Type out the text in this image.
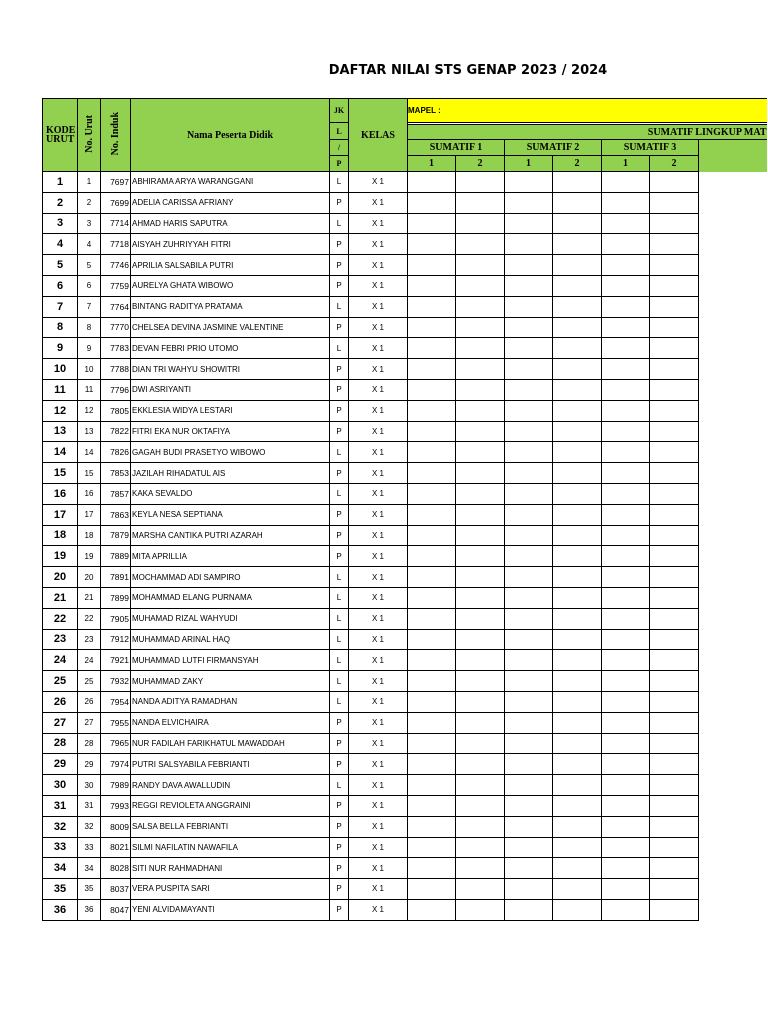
DAFTAR NILAI STS GENAP 2023 / 2024
KODE URUT	No. Urut	No. Induk	Nama Peserta Didik	JK	KELAS	MAPEL :						
				L								
						SUMATIF LINGKUP MAT						
				/		SUMATIF 1		SUMATIF 2		SUMATIF 3		
				P		1	2	1	2	1	2	
1	1	7697	ABHIRAMA ARYA WARANGGANI	L	X 1							
2	2	7699	ADELIA CARISSA AFRIANY	P	X 1							
3	3	7714	AHMAD HARIS SAPUTRA	L	X 1							
4	4	7718	AISYAH ZUHRIYYAH FITRI	P	X 1							
5	5	7746	APRILIA SALSABILA PUTRI	P	X 1							
6	6	7759	AURELYA GHATA WIBOWO	P	X 1							
7	7	7764	BINTANG RADITYA PRATAMA	L	X 1							
8	8	7770	CHELSEA DEVINA JASMINE VALENTINE	P	X 1							
9	9	7783	DEVAN FEBRI PRIO UTOMO	L	X 1							
10	10	7788	DIAN TRI WAHYU SHOWITRI	P	X 1							
11	11	7796	DWI ASRIYANTI	P	X 1							
12	12	7805	EKKLESIA WIDYA LESTARI	P	X 1							
13	13	7822	FITRI EKA NUR OKTAFIYA	P	X 1							
14	14	7826	GAGAH BUDI PRASETYO WIBOWO	L	X 1							
15	15	7853	JAZILAH RIHADATUL AIS	P	X 1							
16	16	7857	KAKA SEVALDO	L	X 1							
17	17	7863	KEYLA NESA SEPTIANA	P	X 1							
18	18	7879	MARSHA CANTIKA PUTRI AZARAH	P	X 1							
19	19	7889	MITA APRILLIA	P	X 1							
20	20	7891	MOCHAMMAD ADI SAMPIRO	L	X 1							
21	21	7899	MOHAMMAD ELANG PURNAMA	L	X 1							
22	22	7905	MUHAMAD RIZAL WAHYUDI	L	X 1							
23	23	7912	MUHAMMAD ARINAL HAQ	L	X 1							
24	24	7921	MUHAMMAD LUTFI FIRMANSYAH	L	X 1							
25	25	7932	MUHAMMAD ZAKY	L	X 1							
26	26	7954	NANDA ADITYA RAMADHAN	L	X 1							
27	27	7955	NANDA ELVICHAIRA	P	X 1							
28	28	7965	NUR FADILAH FARIKHATUL MAWADDAH	P	X 1							
29	29	7974	PUTRI SALSYABILA FEBRIANTI	P	X 1							
30	30	7989	RANDY DAVA AWALLUDIN	L	X 1							
31	31	7993	REGGI REVIOLETA ANGGRAINI	P	X 1							
32	32	8009	SALSA BELLA FEBRIANTI	P	X 1							
33	33	8021	SILMI NAFILATIN NAWAFILA	P	X 1							
34	34	8028	SITI NUR RAHMADHANI	P	X 1							
35	35	8037	VERA PUSPITA SARI	P	X 1							
36	36	8047	YENI ALVIDAMAYANTI	P	X 1							
